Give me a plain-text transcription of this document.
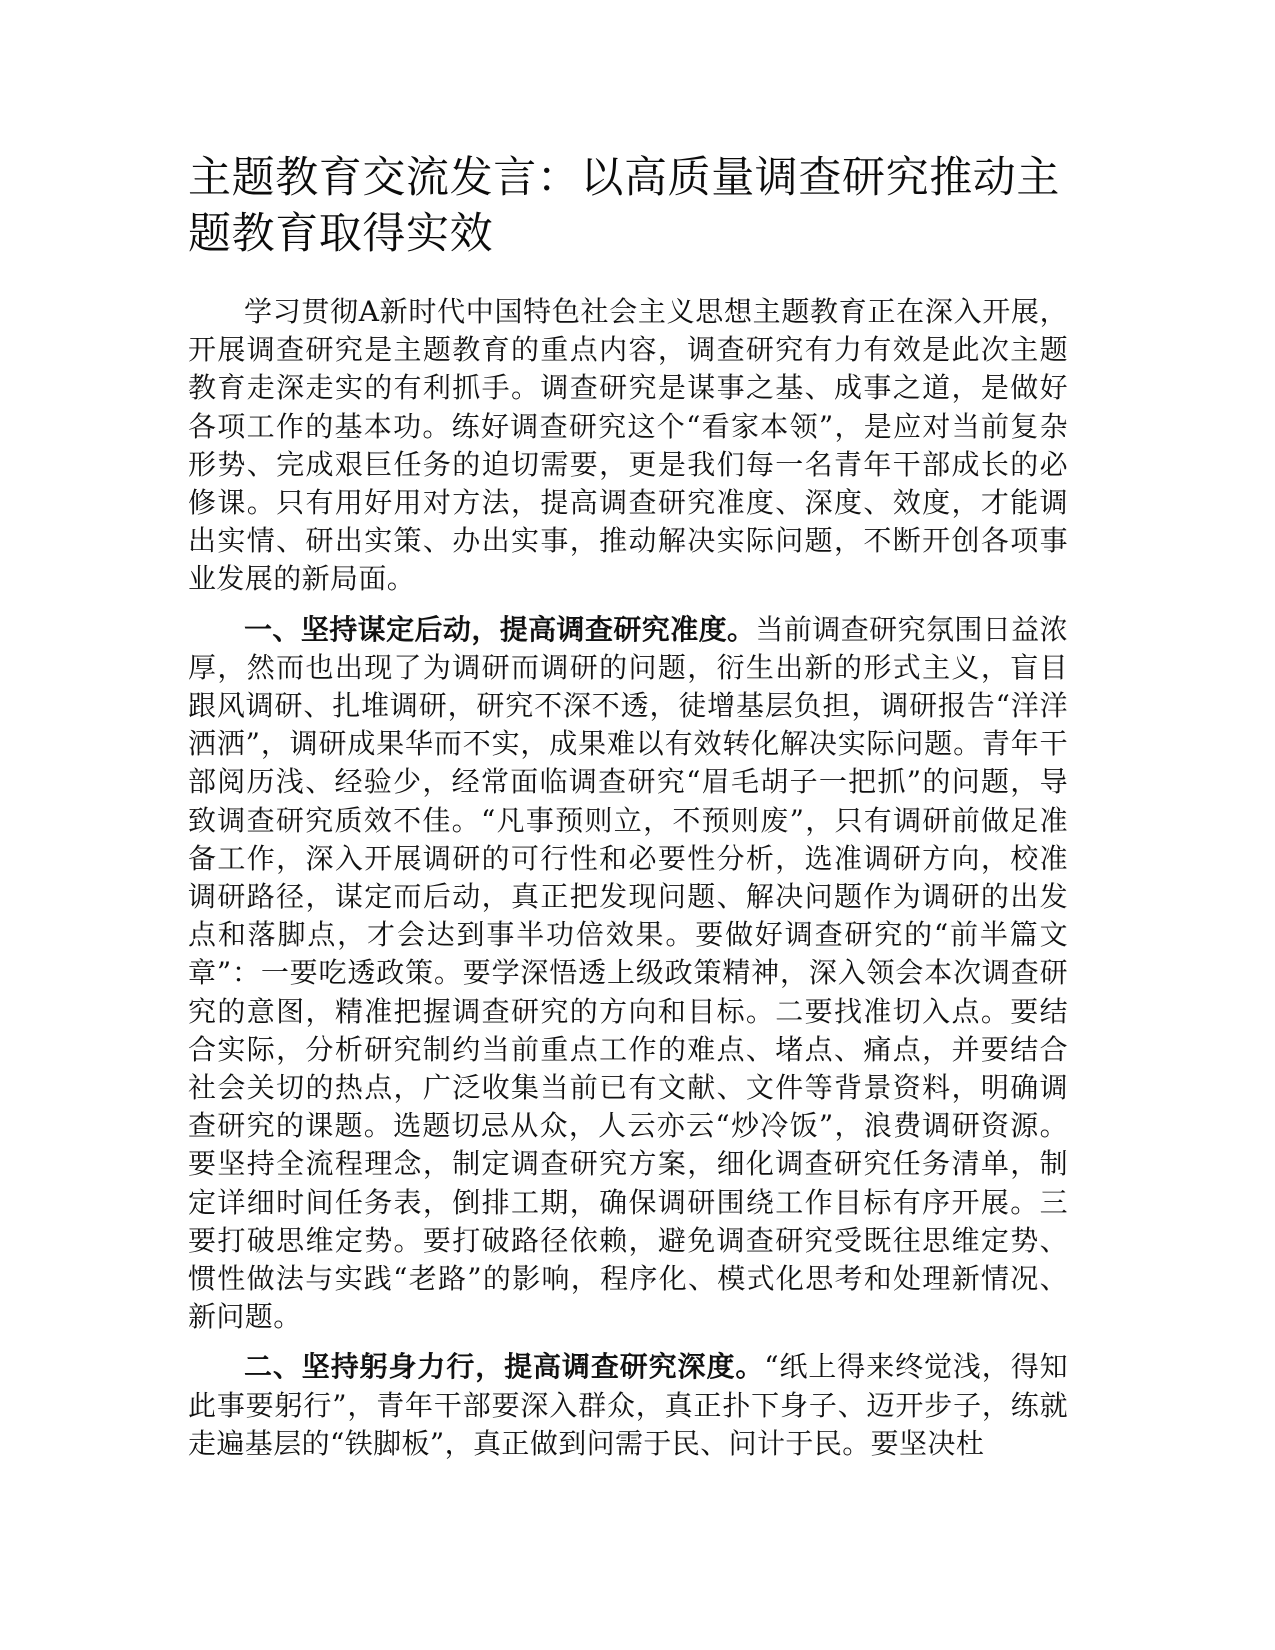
主题教育交流发言：以高质量调查研究推动主题教育取得实效

学习贯彻A新时代中国特色社会主义思想主题教育正在深入开展，开展调查研究是主题教育的重点内容，调查研究有力有效是此次主题教育走深走实的有利抓手。调查研究是谋事之基、成事之道，是做好各项工作的基本功。练好调查研究这个“看家本领”，是应对当前复杂形势、完成艰巨任务的迫切需要，更是我们每一名青年干部成长的必修课。只有用好用对方法，提高调查研究准度、深度、效度，才能调出实情、研出实策、办出实事，推动解决实际问题，不断开创各项事业发展的新局面。

一、坚持谋定后动，提高调查研究准度。当前调查研究氛围日益浓厚，然而也出现了为调研而调研的问题，衍生出新的形式主义，盲目跟风调研、扎堆调研，研究不深不透，徒增基层负担，调研报告“洋洋洒洒”，调研成果华而不实，成果难以有效转化解决实际问题。青年干部阅历浅、经验少，经常面临调查研究“眉毛胡子一把抓”的问题，导致调查研究质效不佳。“凡事预则立，不预则废”，只有调研前做足准备工作，深入开展调研的可行性和必要性分析，选准调研方向，校准调研路径，谋定而后动，真正把发现问题、解决问题作为调研的出发点和落脚点，才会达到事半功倍效果。要做好调查研究的“前半篇文章”：一要吃透政策。要学深悟透上级政策精神，深入领会本次调查研究的意图，精准把握调查研究的方向和目标。二要找准切入点。要结合实际，分析研究制约当前重点工作的难点、堵点、痛点，并要结合社会关切的热点，广泛收集当前已有文献、文件等背景资料，明确调查研究的课题。选题切忌从众，人云亦云“炒冷饭”，浪费调研资源。要坚持全流程理念，制定调查研究方案，细化调查研究任务清单，制定详细时间任务表，倒排工期，确保调研围绕工作目标有序开展。三要打破思维定势。要打破路径依赖，避免调查研究受既往思维定势、惯性做法与实践“老路”的影响，程序化、模式化思考和处理新情况、新问题。

二、坚持躬身力行，提高调查研究深度。“纸上得来终觉浅，得知此事要躬行”，青年干部要深入群众，真正扑下身子、迈开步子，练就走遍基层的“铁脚板”，真正做到问需于民、问计于民。要坚决杜
